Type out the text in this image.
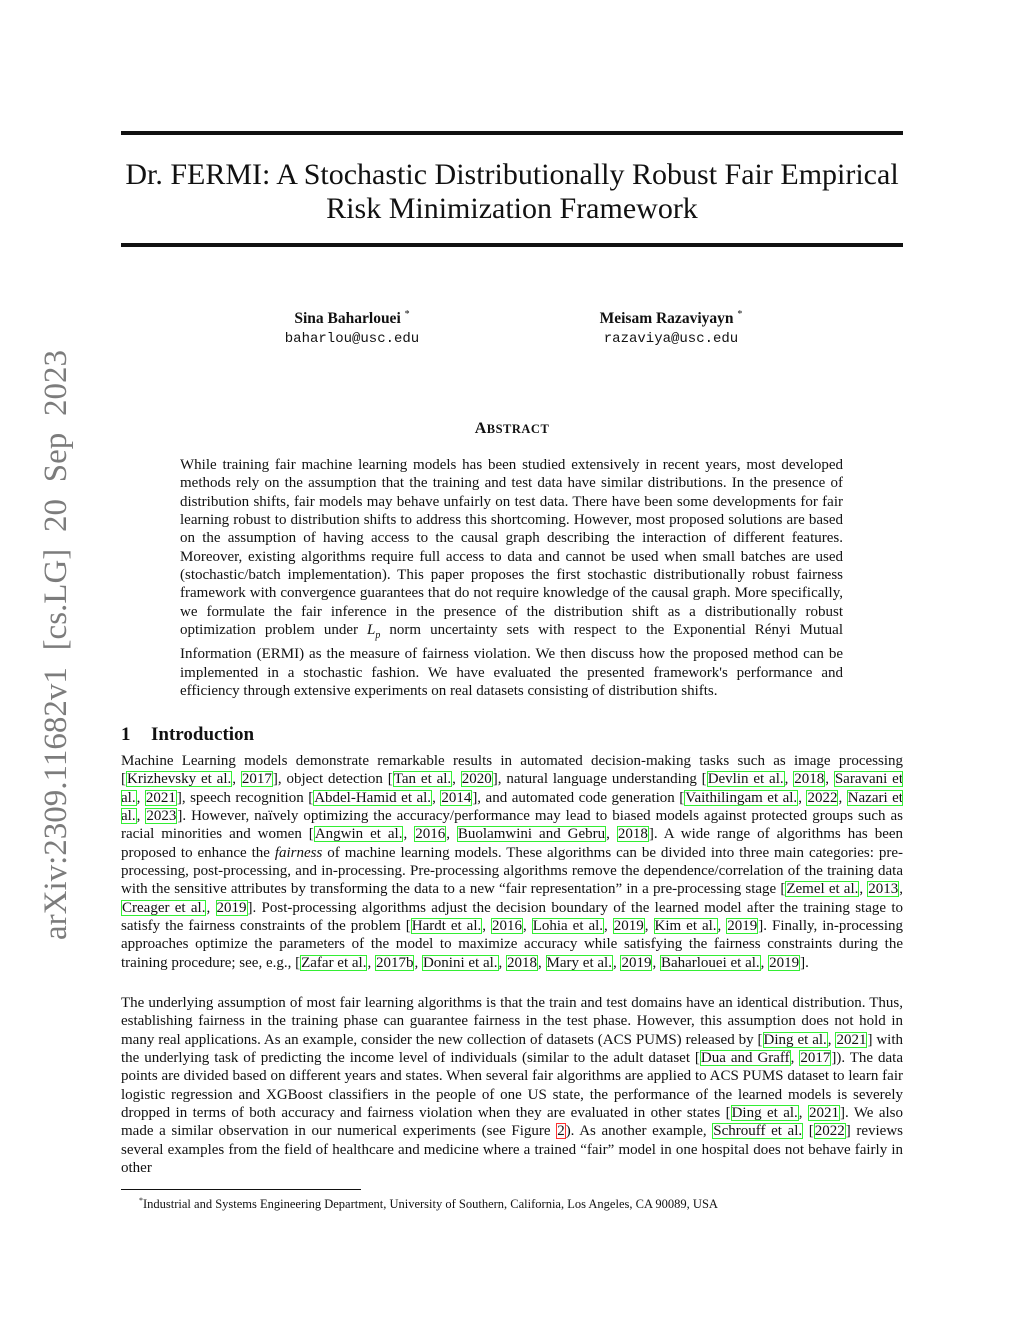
Dr. FERMI: A Stochastic Distributionally Robust Fair Empirical
Risk Minimization Framework
Sina Baharlouei *
baharlou@usc.edu
Meisam Razaviyayn *
razaviya@usc.edu
arXiv:2309.11682v1 [cs.LG] 20 Sep 2023	ABSTRACT
While training fair machine learning models has been studied extensively in recent years, most developed methods rely on the assumption that the training and test data have similar distributions. In the presence of distribution shifts, fair models may behave unfairly on test data. There have been some developments for fair learning robust to distribution shifts to address this shortcoming. However, most proposed solutions are based on the assumption of having access to the causal graph describing the interaction of different features. Moreover, existing algorithms require full access to data and cannot be used when small batches are used (stochastic/batch implementation). This paper proposes the first stochastic distributionally robust fairness framework with convergence guarantees that do not require knowledge of the causal graph. More specifically, we formulate the fair inference in the presence of the distribution shift as a distributionally robust optimization problem under $L_p$ norm uncertainty sets with respect to the Exponential Rényi Mutual Information (ERMI) as the measure of fairness violation. We then discuss how the proposed method can be implemented in a stochastic fashion. We have evaluated the presented framework's performance and efficiency through extensive experiments on real datasets consisting of distribution shifts.
1 Introduction
Machine Learning models demonstrate remarkable results in automated decision-making tasks such as image processing [Krizhevsky et al., 2017], object detection [Tan et al., 2020], natural language understanding [Devlin et al., 2018, Saravani et al., 2021], speech recognition [Abdel-Hamid et al., 2014], and automated code generation [Vaithilingam et al., 2022, Nazari et al., 2023]. However, naïvely optimizing the accuracy/performance may lead to biased models against protected groups such as racial minorities and women [Angwin et al., 2016, Buolamwini and Gebru, 2018]. A wide range of algorithms has been proposed to enhance the fairness of machine learning models. These algorithms can be divided into three main categories: pre-processing, post-processing, and in-processing. Pre-processing algorithms remove the dependence/correlation of the training data with the sensitive attributes by transforming the data to a new “fair representation” in a pre-processing stage [Zemel et al., 2013, Creager et al., 2019]. Post-processing algorithms adjust the decision boundary of the learned model after the training stage to satisfy the fairness constraints of the problem [Hardt et al., 2016, Lohia et al., 2019, Kim et al., 2019]. Finally, in-processing approaches optimize the parameters of the model to maximize accuracy while satisfying the fairness constraints during the training procedure; see, e.g., [Zafar et al., 2017b, Donini et al., 2018, Mary et al., 2019, Baharlouei et al., 2019].
The underlying assumption of most fair learning algorithms is that the train and test domains have an identical distribution. Thus, establishing fairness in the training phase can guarantee fairness in the test phase. However, this assumption does not hold in many real applications. As an example, consider the new collection of datasets (ACS PUMS) released by [Ding et al., 2021] with the underlying task of predicting the income level of individuals (similar to the adult dataset [Dua and Graff, 2017]). The data points are divided based on different years and states. When several fair algorithms are applied to ACS PUMS dataset to learn fair logistic regression and XGBoost classifiers in the people of one US state, the performance of the learned models is severely dropped in terms of both accuracy and fairness violation when they are evaluated in other states [Ding et al., 2021]. We also made a similar observation in our numerical experiments (see Figure 2). As another example, Schrouff et al. [2022] reviews several examples from the field of healthcare and medicine where a trained “fair” model in one hospital does not behave fairly in other
*Industrial and Systems Engineering Department, University of Southern, California, Los Angeles, CA 90089, USA
